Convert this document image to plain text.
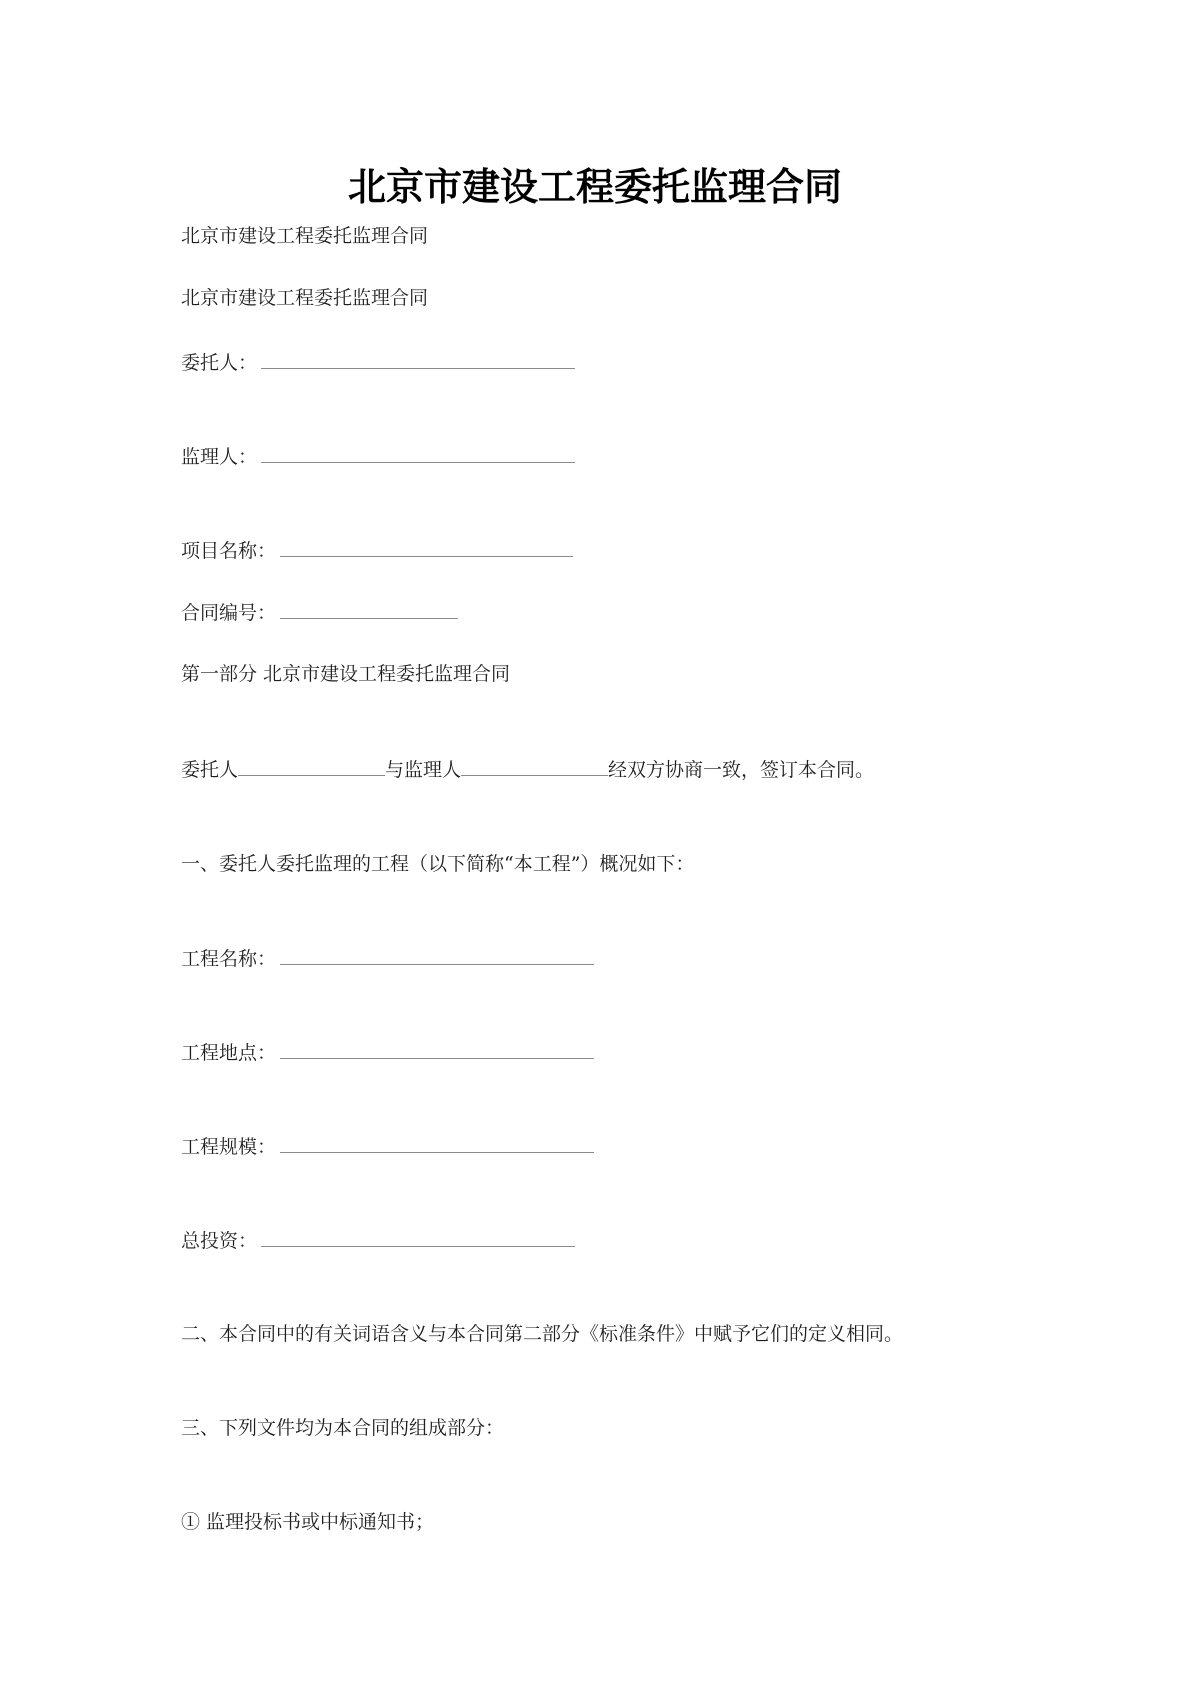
北京市建设工程委托监理合同
北京市建设工程委托监理合同
北京市建设工程委托监理合同
委托人：
监理人：
项目名称：
合同编号：
第一部分 北京市建设工程委托监理合同
委托人	与监理人	经双方协商一致，签订本合同。
一、委托人委托监理的工程（以下简称“本工程”）概况如下：
工程名称：
工程地点：
工程规模：
总投资：
二、本合同中的有关词语含义与本合同第二部分《标准条件》中赋予它们的定义相同。
三、下列文件均为本合同的组成部分：
① 监理投标书或中标通知书；
